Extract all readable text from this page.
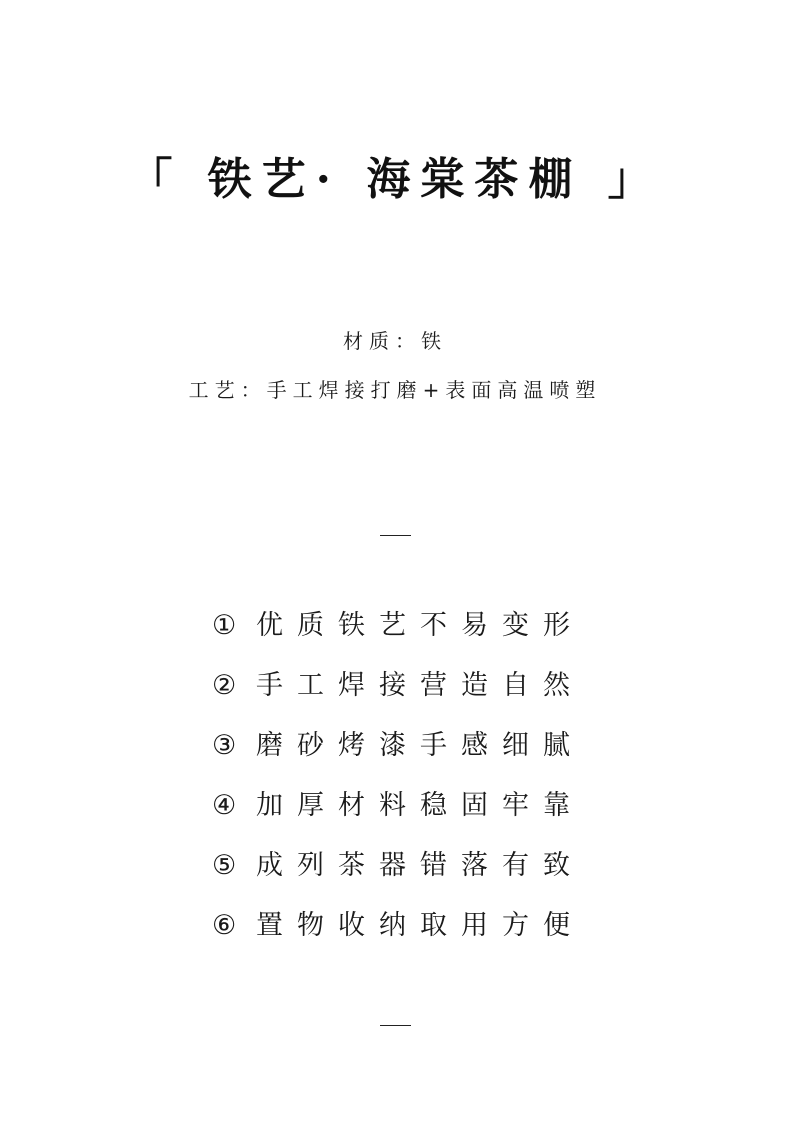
「 铁艺· 海棠茶棚 」
材质：铁
工艺：手工焊接打磨+表面高温喷塑
① 优质铁艺不易变形
② 手工焊接营造自然
③ 磨砂烤漆手感细腻
④ 加厚材料稳固牢靠
⑤ 成列茶器错落有致
⑥ 置物收纳取用方便
